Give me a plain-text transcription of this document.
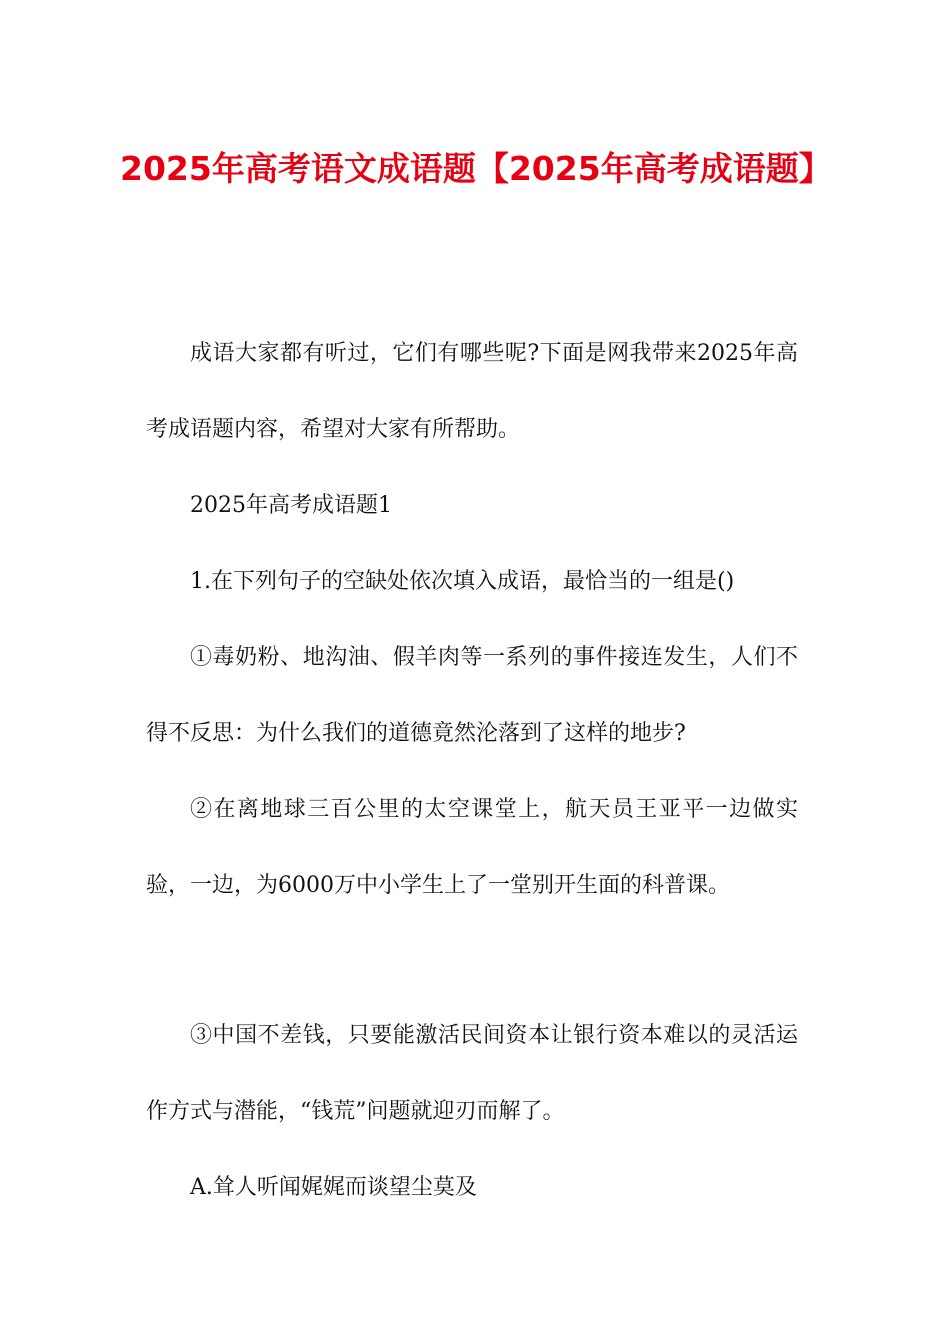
2025年高考语文成语题【2025年高考成语题】

成语大家都有听过，它们有哪些呢?下面是网我带来2025年高考成语题内容，希望对大家有所帮助。

2025年高考成语题1

1.在下列句子的空缺处依次填入成语，最恰当的一组是()

①毒奶粉、地沟油、假羊肉等一系列的事件接连发生，人们不得不反思：为什么我们的道德竟然沦落到了这样的地步?

②在离地球三百公里的太空课堂上，航天员王亚平一边做实验，一边，为6000万中小学生上了一堂别开生面的科普课。

③中国不差钱，只要能激活民间资本让银行资本难以的灵活运作方式与潜能，“钱荒”问题就迎刃而解了。

A.耸人听闻娓娓而谈望尘莫及
